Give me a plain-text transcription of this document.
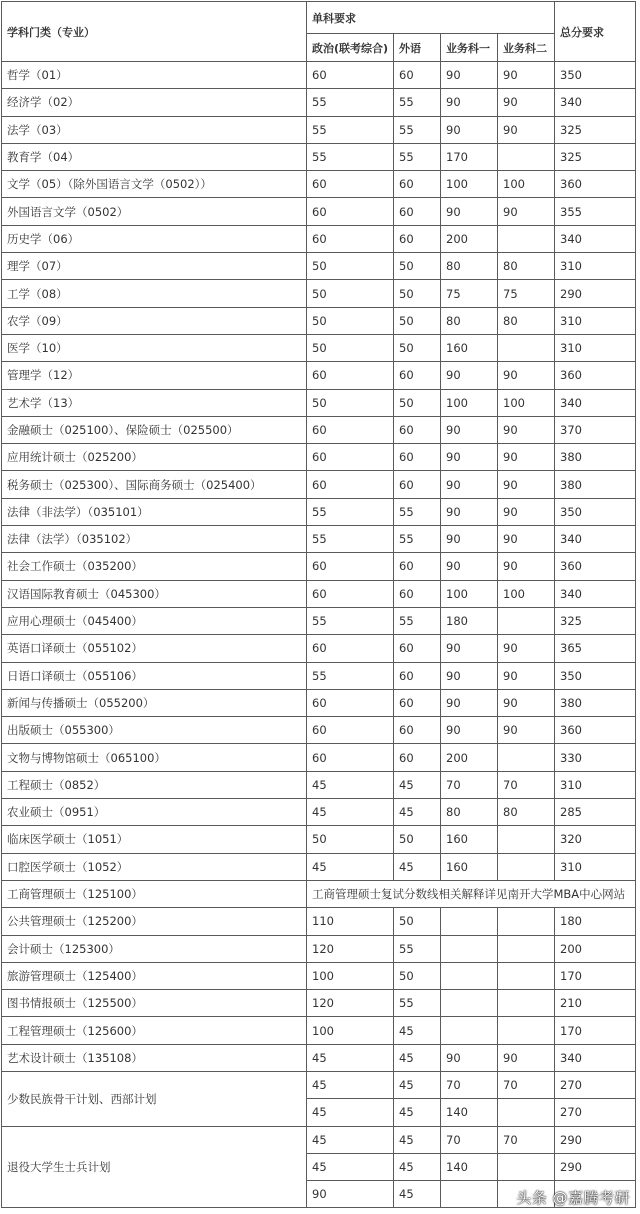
学科门类（专业）	单科要求				总分要求
	政治(联考综合)	外语	业务科一	业务科二	
哲学（01）	60	60	90	90	350
经济学（02）	55	55	90	90	340
法学（03）	55	55	90	90	325
教育学（04）	55	55	170		325
文学（05）（除外国语言文学（0502））	60	60	100	100	360
外国语言文学（0502）	60	60	90	90	355
历史学（06）	60	60	200		340
理学（07）	50	50	80	80	310
工学（08）	50	50	75	75	290
农学（09）	50	50	80	80	310
医学（10）	50	50	160		310
管理学（12）	60	60	90	90	360
艺术学（13）	50	50	100	100	340
金融硕士（025100）、保险硕士（025500）	60	60	90	90	370
应用统计硕士（025200）	60	60	90	90	380
税务硕士（025300）、国际商务硕士（025400）	60	60	90	90	380
法律（非法学）（035101）	55	55	90	90	350
法律（法学）（035102）	55	55	90	90	340
社会工作硕士（035200）	60	60	90	90	360
汉语国际教育硕士（045300）	60	60	100	100	340
应用心理硕士（045400）	55	55	180		325
英语口译硕士（055102）	60	60	90	90	365
日语口译硕士（055106）	55	60	90	90	350
新闻与传播硕士（055200）	60	60	90	90	380
出版硕士（055300）	60	60	90	90	360
文物与博物馆硕士（065100）	60	60	200		330
工程硕士（0852）	45	45	70	70	310
农业硕士（0951）	45	45	80	80	285
临床医学硕士（1051）	50	50	160		320
口腔医学硕士（1052）	45	45	160		310
工商管理硕士（125100）	工商管理硕士复试分数线相关解释详见南开大学MBA中心网站				
公共管理硕士（125200）	110	50			180
会计硕士（125300）	120	55			200
旅游管理硕士（125400）	100	50			170
图书情报硕士（125500）	120	55			210
工程管理硕士（125600）	100	45			170
艺术设计硕士（135108）	45	45	90	90	340
少数民族骨干计划、西部计划	45	45	70	70	270
	45	45	140		270
退役大学生士兵计划	45	45	70	70	290
	45	45	140		290
	90	45				头条 @嘉腾考研
